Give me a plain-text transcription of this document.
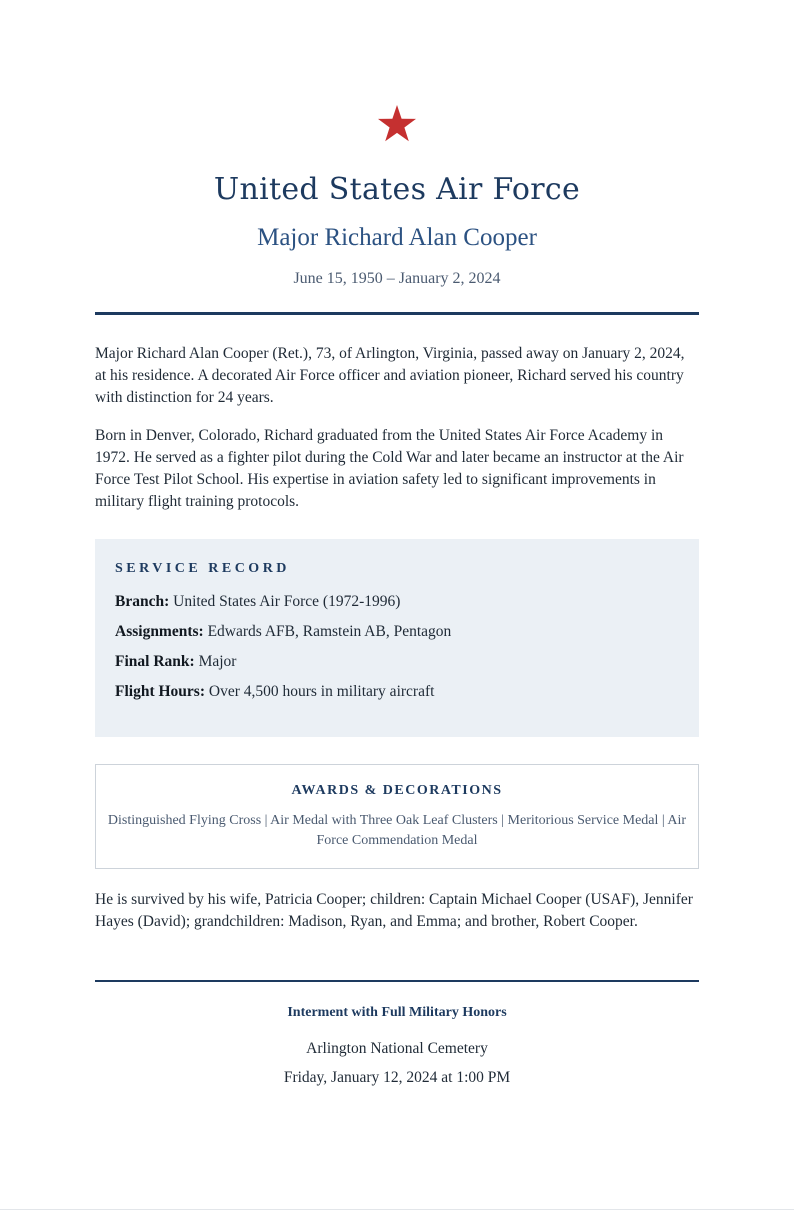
United States Air Force
Major Richard Alan Cooper
June 15, 1950 – January 2, 2024

Major Richard Alan Cooper (Ret.), 73, of Arlington, Virginia, passed away on January 2, 2024, at his residence. A decorated Air Force officer and aviation pioneer, Richard served his country with distinction for 24 years.

Born in Denver, Colorado, Richard graduated from the United States Air Force Academy in 1972. He served as a fighter pilot during the Cold War and later became an instructor at the Air Force Test Pilot School. His expertise in aviation safety led to significant improvements in military flight training protocols.

SERVICE RECORD
Branch: United States Air Force (1972-1996)
Assignments: Edwards AFB, Ramstein AB, Pentagon
Final Rank: Major
Flight Hours: Over 4,500 hours in military aircraft
AWARDS & DECORATIONS
Distinguished Flying Cross | Air Medal with Three Oak Leaf Clusters | Meritorious Service Medal | Air Force Commendation Medal

He is survived by his wife, Patricia Cooper; children: Captain Michael Cooper (USAF), Jennifer Hayes (David); grandchildren: Madison, Ryan, and Emma; and brother, Robert Cooper.

Interment with Full Military Honors
Arlington National Cemetery
Friday, January 12, 2024 at 1:00 PM
